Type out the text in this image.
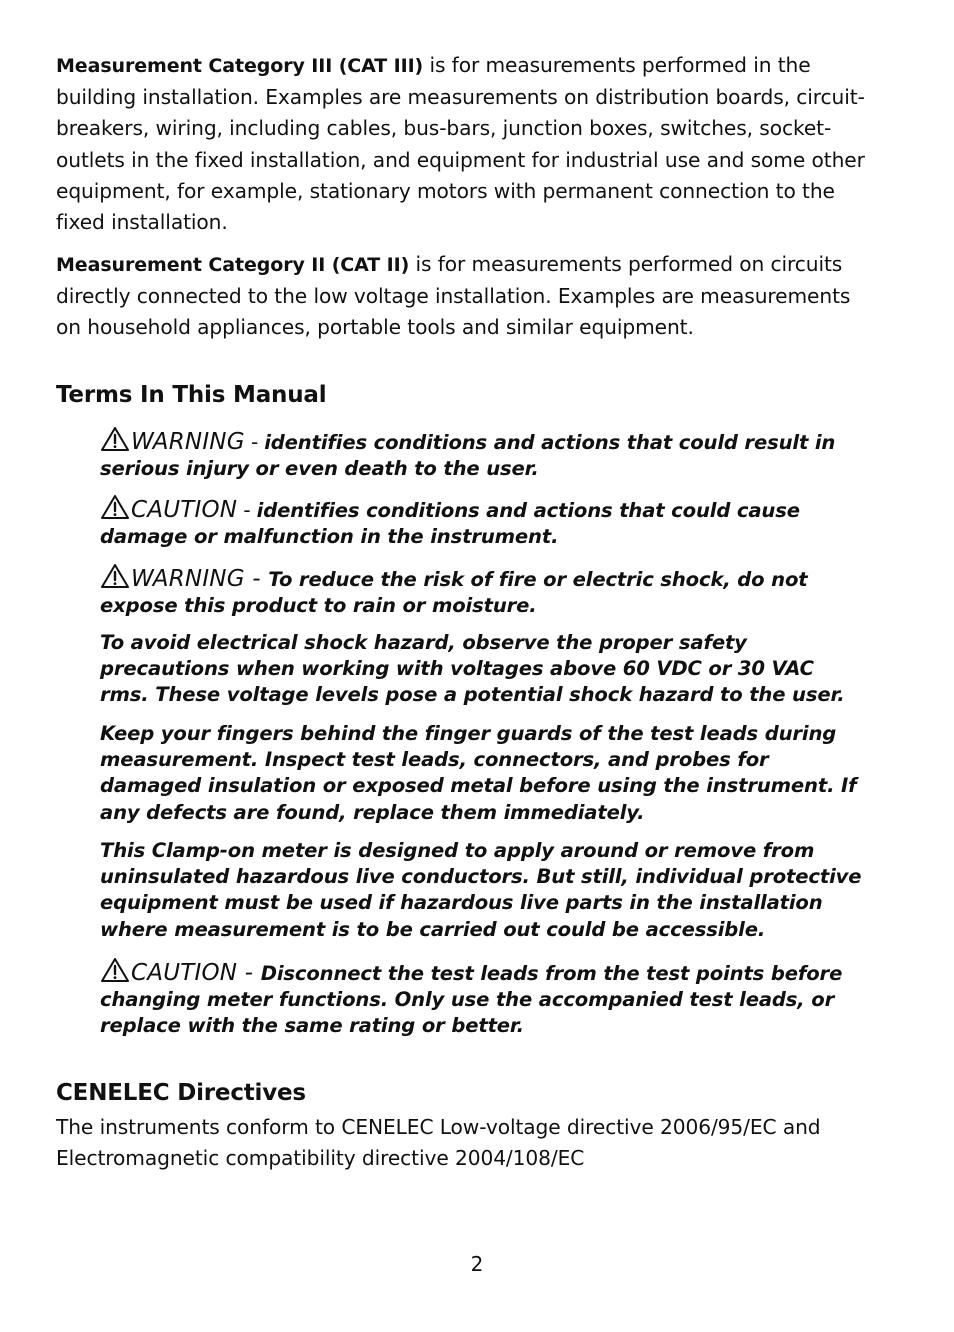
Measurement Category III (CAT III) is for measurements performed in the building installation. Examples are measurements on distribution boards, circuit- breakers, wiring, including cables, bus-bars, junction boxes, switches, socket-outlets in the fixed installation, and equipment for industrial use and some other equipment, for example, stationary motors with permanent connection to the fixed installation.

Measurement Category II (CAT II) is for measurements performed on circuits directly connected to the low voltage installation. Examples are measurements on household appliances, portable tools and similar equipment.

Terms In This Manual

WARNING - identifies conditions and actions that could result in serious injury or even death to the user.

CAUTION - identifies conditions and actions that could cause damage or malfunction in the instrument.

WARNING - To reduce the risk of fire or electric shock, do not expose this product to rain or moisture.

To avoid electrical shock hazard, observe the proper safety precautions when working with voltages above 60 VDC or 30 VAC rms. These voltage levels pose a potential shock hazard to the user.

Keep your fingers behind the finger guards of the test leads during measurement. Inspect test leads, connectors, and probes for damaged insulation or exposed metal before using the instrument. If any defects are found, replace them immediately.

This Clamp-on meter is designed to apply around or remove from uninsulated hazardous live conductors. But still, individual protective equipment must be used if hazardous live parts in the installation where measurement is to be carried out could be accessible.

CAUTION - Disconnect the test leads from the test points before changing meter functions. Only use the accompanied test leads, or replace with the same rating or better.

CENELEC Directives

The instruments conform to CENELEC Low-voltage directive 2006/95/EC and Electromagnetic compatibility directive 2004/108/EC

2
